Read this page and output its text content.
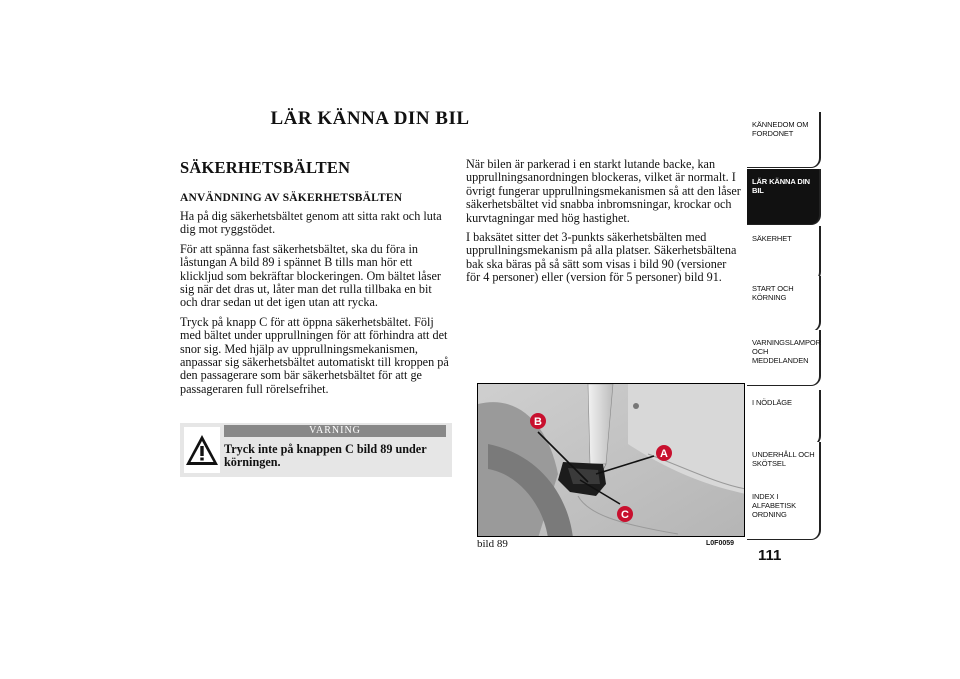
LÄR KÄNNA DIN BIL
SÄKERHETSBÄLTEN
ANVÄNDNING AV SÄKERHETSBÄLTEN

Ha på dig säkerhetsbältet genom att sitta rakt och luta dig mot ryggstödet.

För att spänna fast säkerhetsbältet, ska du föra in låstungan A bild 89 i spännet B tills man hör ett klickljud som bekräftar blockeringen. Om bältet låser sig när det dras ut, låter man det rulla tillbaka en bit och drar sedan ut det igen utan att rycka.

Tryck på knapp C för att öppna säkerhetsbältet. Följ med bältet under upprullningen för att förhindra att det snor sig. Med hjälp av upprullningsmekanismen, anpassar sig säkerhetsbältet automatiskt till kroppen på den passagerare som bär säkerhetsbältet för att ge passageraren full rörelsefrihet.

VARNING
Tryck inte på knappen C bild 89 under körningen.

När bilen är parkerad i en starkt lutande backe, kan upprullningsanordningen blockeras, vilket är normalt. I övrigt fungerar upprullningsmekanismen så att den låser säkerhetsbältet vid snabba inbromsningar, krockar och kurvtagningar med hög hastighet.

I baksätet sitter det 3-punkts säkerhetsbälten med upprullningsmekanism på alla platser. Säkerhetsbältena bak ska bäras på så sätt som visas i bild 90 (versioner för 4 personer) eller (version för 5 personer) bild 91.

B
A
C
bild 89	L0F0059
KÄNNEDOM OM FORDONET
LÄR KÄNNA DIN BIL
SÄKERHET
START OCH KÖRNING
VARNINGSLAMPOR OCH MEDDELANDEN
I NÖDLÄGE
UNDERHÅLL OCH SKÖTSEL
INDEX I ALFABETISK ORDNING
111
